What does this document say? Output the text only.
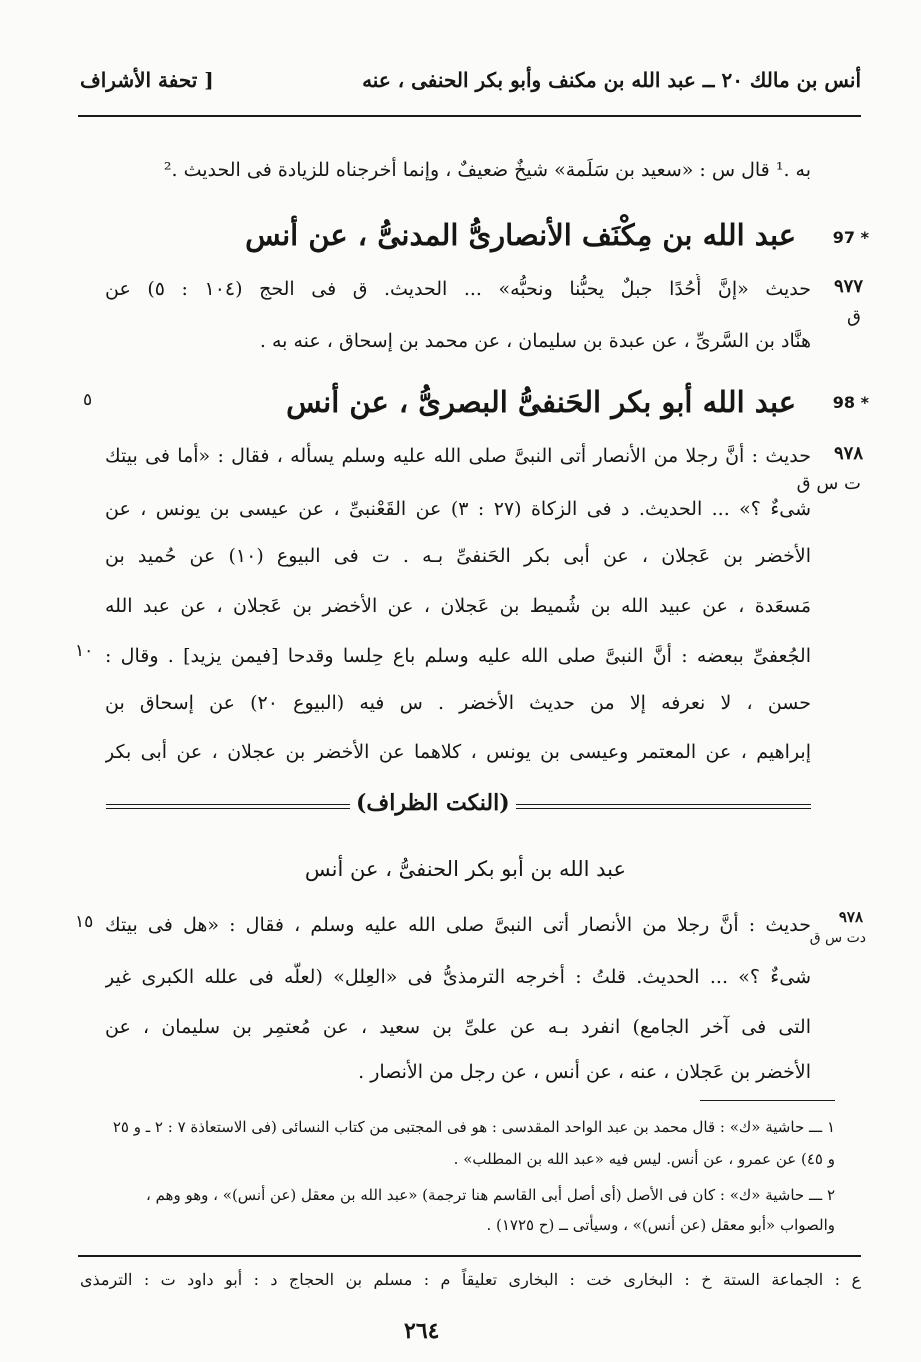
أنس بن مالك ٢٠ ــ عبد الله بن مكنف وأبو بكر الحنفى ، عنه
[ تحفة الأشراف
به .¹ قال س : «سعيد بن سَلَمة» شيخٌ ضعيفٌ ، وإنما أخرجناه للزيادة فى الحديث .²
97 *
عبد الله بن مِكْنَف الأنصارىُّ المدنىُّ ، عن أنس
٩٧٧
ق
حديث «إنَّ أُحُدًا جبلٌ يحبُّنا ونحبُّه» ... الحديث. ق فى الحج (١٠٤ : ٥) عن
هنَّاد بن السَّرىِّ ، عن عبدة بن سليمان ، عن محمد بن إسحاق ، عنه به .
98 *
عبد الله أبو بكر الحَنفىُّ البصرىُّ ، عن أنس
٥
٩٧٨
ت س ق
حديث : أنَّ رجلا من الأنصار أتى النبىَّ صلى الله عليه وسلم يسأله ، فقال : «أما فى بيتك
شىءٌ ؟» ... الحديث. د فى الزكاة (٢٧ : ٣) عن القَعْنبىِّ ، عن عيسى بن يونس ، عن
الأخضر بن عَجلان ، عن أبى بكر الحَنفىِّ بـه . ت فى البيوع (١٠) عن حُميد بن
مَسعَدة ، عن عبيد الله بن شُميط بن عَجلان ، عن الأخضر بن عَجلان ، عن عبد الله
الجُعفىِّ ببعضه : أنَّ النبىَّ صلى الله عليه وسلم باع حِلسا وقدحا [فيمن يزيد] . وقال :
١٠
حسن ، لا نعرفه إلا من حديث الأخضر . س فيه (البيوع ٢٠) عن إسحاق بن
إبراهيم ، عن المعتمر وعيسى بن يونس ، كلاهما عن الأخضر بن عجلان ، عن أبى بكر
(النكت الظراف)
عبد الله بن أبو بكر الحنفىُّ ، عن أنس
٩٧٨
دت س ق
حديث : أنَّ رجلا من الأنصار أتى النبىَّ صلى الله عليه وسلم ، فقال : «هل فى بيتك
١٥
شىءٌ ؟» ... الحديث. قلتُ : أخرجه الترمذىُّ فى «العِلل» (لعلَّه فى علله الكبرى غير
التى فى آخر الجامع) انفرد بـه عن علىِّ بن سعيد ، عن مُعتمِر بن سليمان ، عن
الأخضر بن عَجلان ، عنه ، عن أنس ، عن رجل من الأنصار .
١ ـــ حاشية «ك» : قال محمد بن عبد الواحد المقدسى : هو فى المجتبى من كتاب النسائى (فى الاستعاذة ٧ : ٢ ـ و ٢٥
و ٤٥) عن عمرو ، عن أنس. ليس فيه «عبد الله بن المطلب» .
٢ ـــ حاشية «ك» : كان فى الأصل (أى أصل أبى القاسم هنا ترجمة) «عبد الله بن معقل (عن أنس)» ، وهو وهم ،
والصواب «أبو معقل (عن أنس)» ، وسيأتى ــ (ح ١٧٢٥) .
ع : الجماعة الستة خ : البخارى خت : البخارى تعليقاً م : مسلم بن الحجاج د : أبو داود ت : الترمذى
٢٦٤
